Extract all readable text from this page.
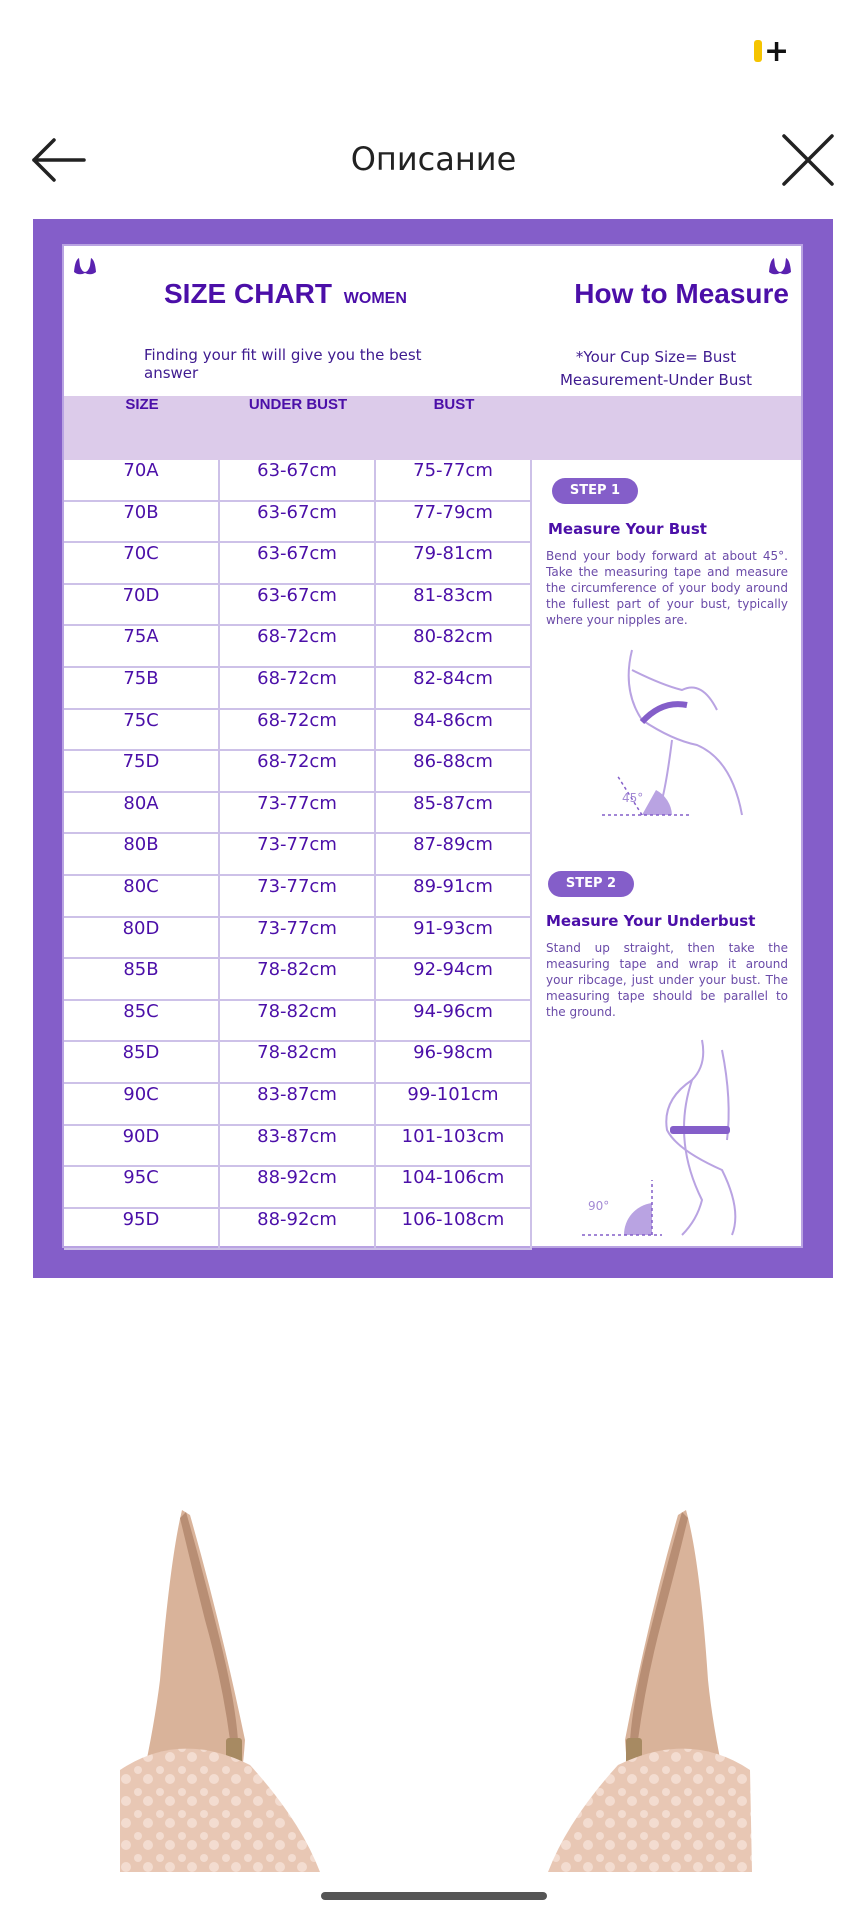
+
Описание
SIZE CHART WOMEN	How to Measure
Finding your fit will give you the best answer
*Your Cup Size= Bust Measurement-Under Bust
SIZE	UNDER BUST	BUST
70A	63-67cm	75-77cm
70B	63-67cm	77-79cm
70C	63-67cm	79-81cm
70D	63-67cm	81-83cm
75A	68-72cm	80-82cm
75B	68-72cm	82-84cm
75C	68-72cm	84-86cm
75D	68-72cm	86-88cm
80A	73-77cm	85-87cm
80B	73-77cm	87-89cm
80C	73-77cm	89-91cm
80D	73-77cm	91-93cm
85B	78-82cm	92-94cm
85C	78-82cm	94-96cm
85D	78-82cm	96-98cm
90C	83-87cm	99-101cm
90D	83-87cm	101-103cm
95C	88-92cm	104-106cm
95D	88-92cm	106-108cm
STEP 1
Measure Your Bust
Bend your body forward at about 45°. Take the measuring tape and measure the circumference of your body around the fullest part of your bust, typically where your nipples are.
45°
STEP 2
Measure Your Underbust
Stand up straight, then take the measuring tape and wrap it around your ribcage, just under your bust. The measuring tape should be parallel to the ground.
90°
